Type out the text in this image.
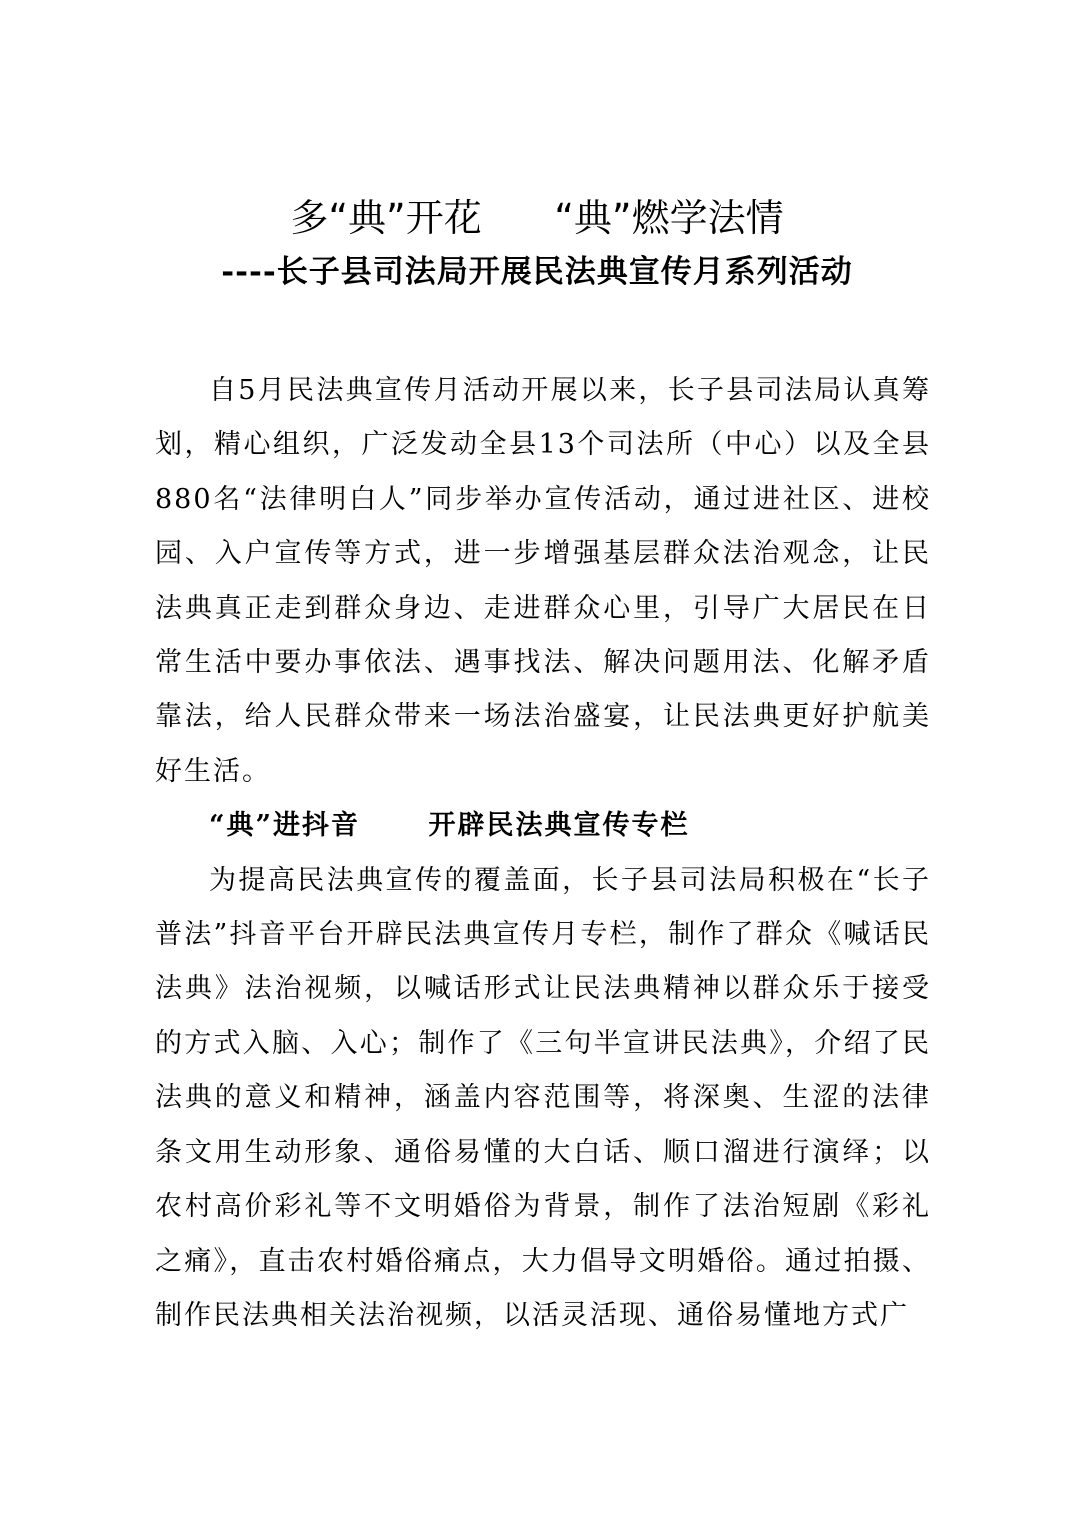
多“典”开花      “典”燃学法情
----长子县司法局开展民法典宣传月系列活动

自5月民法典宣传月活动开展以来，长子县司法局认真筹划，精心组织，广泛发动全县13个司法所（中心）以及全县880名“法律明白人”同步举办宣传活动，通过进社区、进校园、入户宣传等方式，进一步增强基层群众法治观念，让民法典真正走到群众身边、走进群众心里，引导广大居民在日常生活中要办事依法、遇事找法、解决问题用法、化解矛盾靠法，给人民群众带来一场法治盛宴，让民法典更好护航美好生活。

“典”进抖音      开辟民法典宣传专栏

为提高民法典宣传的覆盖面，长子县司法局积极在“长子普法”抖音平台开辟民法典宣传月专栏，制作了群众《喊话民法典》法治视频，以喊话形式让民法典精神以群众乐于接受的方式入脑、入心；制作了《三句半宣讲民法典》，介绍了民法典的意义和精神，涵盖内容范围等，将深奥、生涩的法律条文用生动形象、通俗易懂的大白话、顺口溜进行演绎；以农村高价彩礼等不文明婚俗为背景，制作了法治短剧《彩礼之痛》，直击农村婚俗痛点，大力倡导文明婚俗。通过拍摄、制作民法典相关法治视频，以活灵活现、通俗易懂地方式广
